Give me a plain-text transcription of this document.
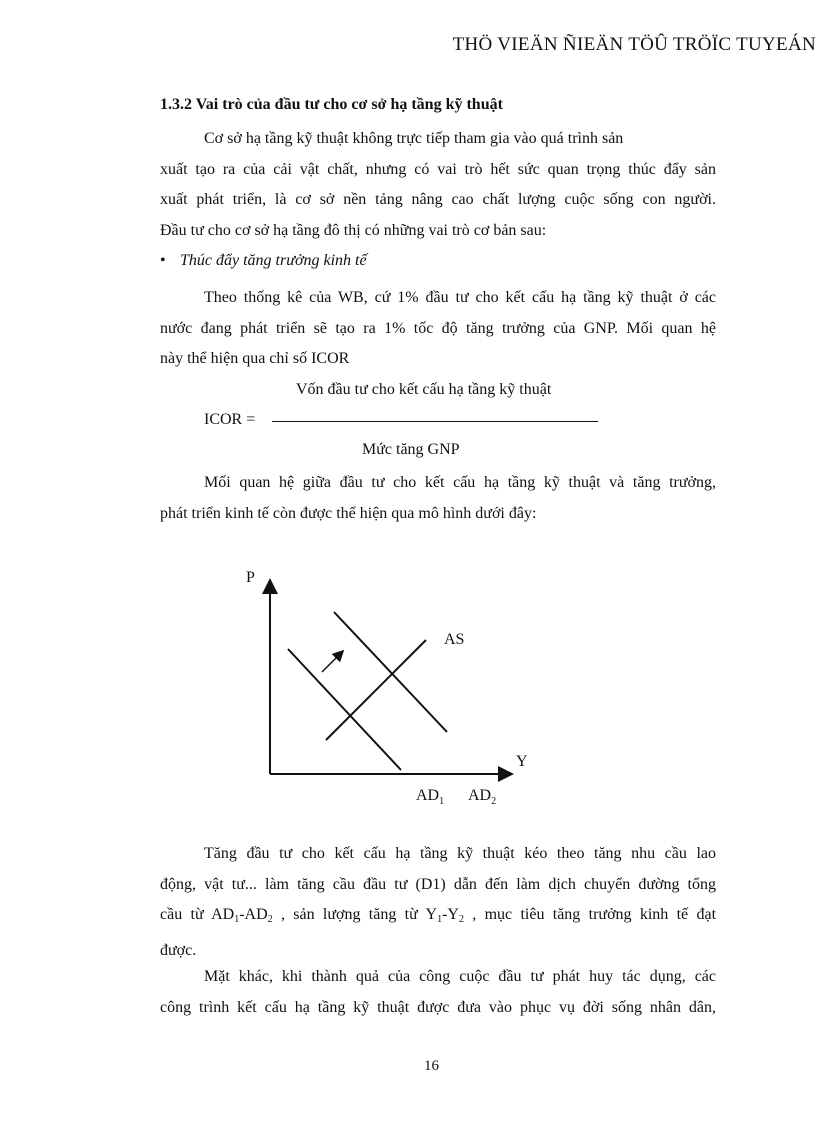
THÖ VIEÄN ÑIEÄN TÖÛ TRÖÏC TUYEÁN
1.3.2 Vai trò của đầu tư cho cơ sở hạ tầng kỹ thuật

Cơ sở hạ tầng kỹ thuật không trực tiếp tham gia vào quá trình sản
xuất tạo ra của cải vật chất, nhưng có vai trò hết sức quan trọng thúc đẩy sản
xuất phát triển, là cơ sở nền tảng nâng cao chất lượng cuộc sống con người.
Đầu tư cho cơ sở hạ tầng đô thị có những vai trò cơ bản sau:

• Thúc đẩy tăng trưởng kinh tế

Theo thống kê của WB, cứ 1% đầu tư cho kết cấu hạ tầng kỹ thuật ở các
nước đang phát triển sẽ tạo ra 1% tốc độ tăng trưởng của GNP. Mối quan hệ
này thể hiện qua chỉ số ICOR

Vốn đầu tư cho kết cấu hạ tầng kỹ thuật
ICOR =
Mức tăng GNP

Mối quan hệ giữa đầu tư cho kết cấu hạ tầng kỹ thuật và tăng trưởng,
phát triển kinh tế còn được thể hiện qua mô hình dưới đây:

P
Y
AS
$AD_1$ $AD_2$

Tăng đầu tư cho kết cấu hạ tầng kỹ thuật kéo theo tăng nhu cầu lao
động, vật tư... làm tăng cầu đầu tư (D1) dẫn đến làm dịch chuyển đường tổng
cầu từ $AD_1-AD_2$ , sản lượng tăng từ $Y_1-Y_2$ , mục tiêu tăng trưởng kinh tế đạt
được.

Mặt khác, khi thành quả của công cuộc đầu tư phát huy tác dụng, các
công trình kết cấu hạ tầng kỹ thuật được đưa vào phục vụ đời sống nhân dân,

16
